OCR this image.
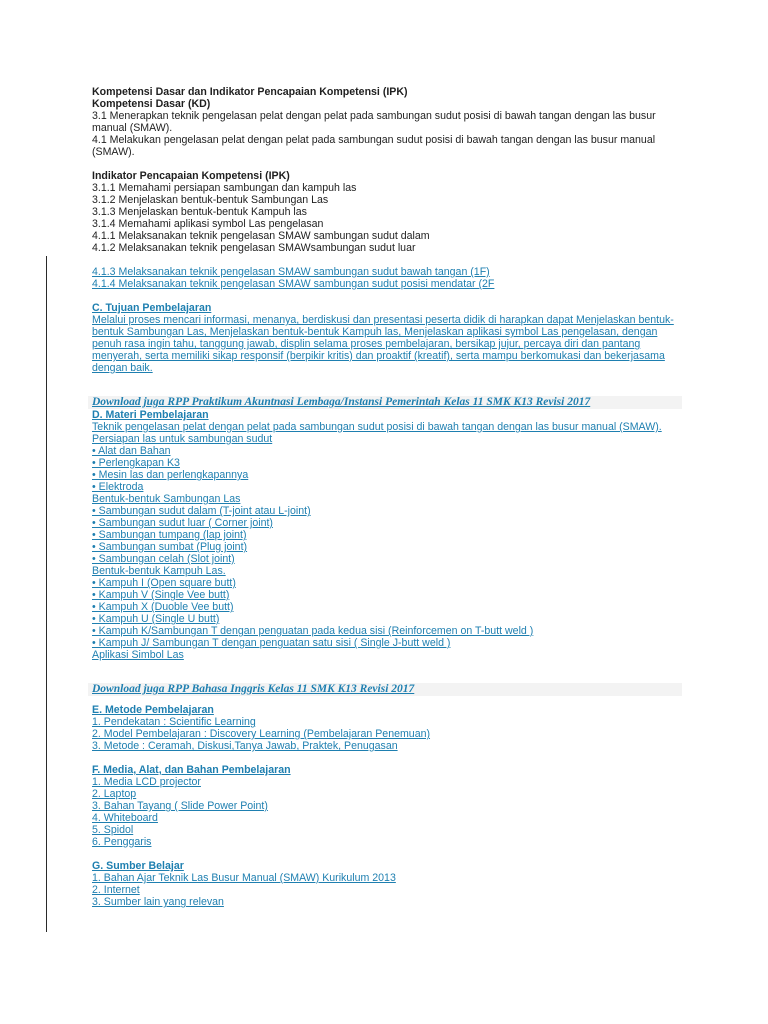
Kompetensi Dasar dan Indikator Pencapaian Kompetensi (IPK)
Kompetensi Dasar (KD)
3.1 Menerapkan teknik pengelasan pelat dengan pelat pada sambungan sudut posisi di bawah tangan dengan las busur manual (SMAW).
4.1 Melakukan pengelasan pelat dengan pelat pada sambungan sudut posisi di bawah tangan dengan las busur manual (SMAW).
Indikator Pencapaian Kompetensi (IPK)
3.1.1 Memahami persiapan sambungan dan kampuh las
3.1.2 Menjelaskan bentuk-bentuk Sambungan Las
3.1.3 Menjelaskan bentuk-bentuk Kampuh las
3.1.4 Memahami aplikasi symbol Las pengelasan
4.1.1 Melaksanakan teknik pengelasan SMAW sambungan sudut dalam
4.1.2 Melaksanakan teknik pengelasan SMAWsambungan sudut luar
4.1.3 Melaksanakan teknik pengelasan SMAW sambungan sudut bawah tangan (1F)
4.1.4 Melaksanakan teknik pengelasan SMAW sambungan sudut posisi mendatar (2F
C. Tujuan Pembelajaran
Melalui proses mencari informasi, menanya, berdiskusi dan presentasi peserta didik di harapkan dapat Menjelaskan bentuk-bentuk Sambungan Las, Menjelaskan bentuk-bentuk Kampuh las, Menjelaskan aplikasi symbol Las pengelasan, dengan penuh rasa ingin tahu, tanggung jawab, displin selama proses pembelajaran, bersikap jujur, percaya diri dan pantang menyerah, serta memiliki sikap responsif (berpikir kritis) dan proaktif (kreatif), serta mampu berkomukasi dan bekerjasama dengan baik.
Download juga RPP Praktikum Akuntnasi Lembaga/Instansi Pemerintah Kelas 11 SMK K13 Revisi 2017
D. Materi Pembelajaran
Teknik pengelasan pelat dengan pelat pada sambungan sudut posisi di bawah tangan dengan las busur manual (SMAW).
Persiapan las untuk sambungan sudut
• Alat dan Bahan
• Perlengkapan K3
• Mesin las dan perlengkapannya
• Elektroda
Bentuk-bentuk Sambungan Las
• Sambungan sudut dalam (T-joint atau L-joint)
• Sambungan sudut luar ( Corner joint)
• Sambungan tumpang (lap joint)
• Sambungan sumbat (Plug joint)
• Sambungan celah (Slot joint)
Bentuk-bentuk Kampuh Las.
• Kampuh I (Open square butt)
• Kampuh V (Single Vee butt)
• Kampuh X (Duoble Vee butt)
• Kampuh U (Single U butt)
• Kampuh K/Sambungan T dengan penguatan pada kedua sisi (Reinforcemen on T-butt weld )
• Kampuh J/ Sambungan T dengan penguatan satu sisi ( Single J-butt weld )
Aplikasi Simbol Las
Download juga RPP Bahasa Inggris Kelas 11 SMK K13 Revisi 2017
E. Metode Pembelajaran
1. Pendekatan : Scientific Learning
2. Model Pembelajaran : Discovery Learning (Pembelajaran Penemuan)
3. Metode : Ceramah, Diskusi,Tanya Jawab, Praktek, Penugasan
F. Media, Alat, dan Bahan Pembelajaran
1. Media LCD projector
2. Laptop
3. Bahan Tayang ( Slide Power Point)
4. Whiteboard
5. Spidol
6. Penggaris
G. Sumber Belajar
1. Bahan Ajar Teknik Las Busur Manual (SMAW) Kurikulum 2013
2. Internet
3. Sumber lain yang relevan
